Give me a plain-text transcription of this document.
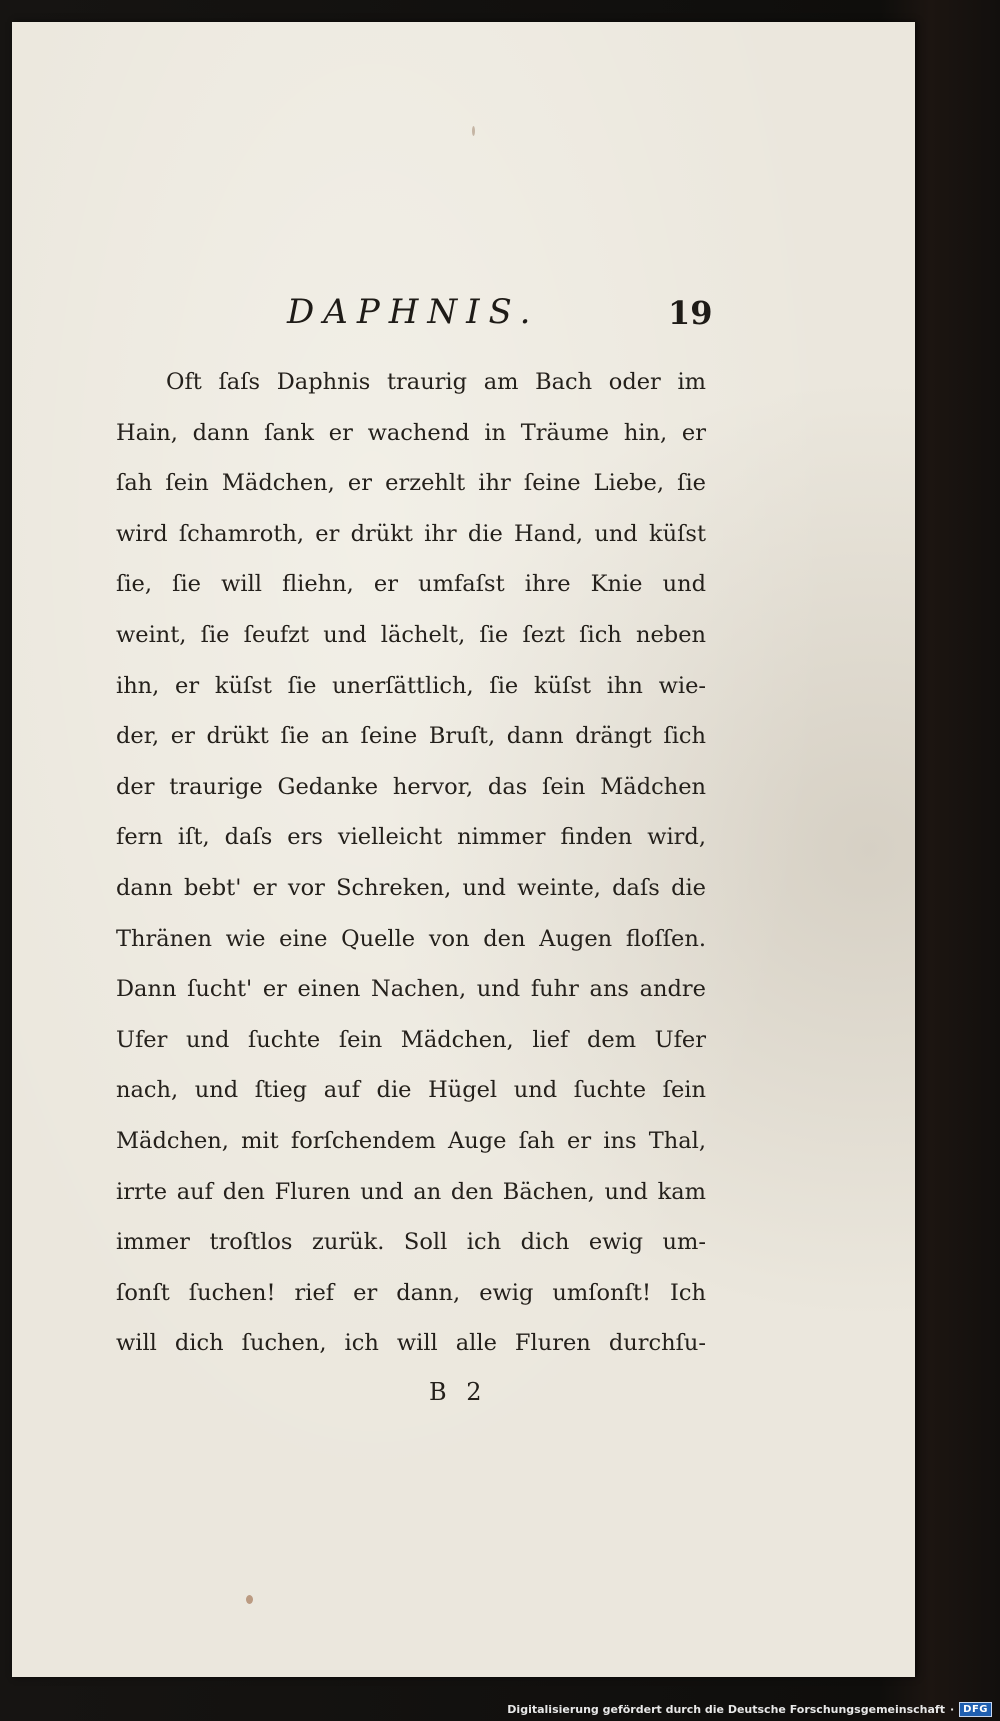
DAPHNIS.	19
Oft ſaſs Daphnis traurig am Bach oder im
Hain, dann ſank er wachend in Träume hin, er
ſah ſein Mädchen, er erzehlt ihr ſeine Liebe, ſie
wird ſchamroth, er drükt ihr die Hand, und küſst
ſie, ſie will fliehn, er umfaſst ihre Knie und
weint, ſie ſeufzt und lächelt, ſie ſezt ſich neben
ihn, er küſst ſie unerſättlich, ſie küſst ihn wie-
der, er drükt ſie an ſeine Bruſt, dann drängt ſich
der traurige Gedanke hervor, das ſein Mädchen
fern iſt, daſs ers vielleicht nimmer finden wird,
dann bebt' er vor Schreken, und weinte, daſs die
Thränen wie eine Quelle von den Augen floſſen.
Dann ſucht' er einen Nachen, und fuhr ans andre
Ufer und ſuchte ſein Mädchen, lief dem Ufer
nach, und ſtieg auf die Hügel und ſuchte ſein
Mädchen, mit forſchendem Auge ſah er ins Thal,
irrte auf den Fluren und an den Bächen, und kam
immer troſtlos zurük. Soll ich dich ewig um-
ſonſt ſuchen! rief er dann, ewig umſonſt! Ich
will dich ſuchen, ich will alle Fluren durchſu-
B 2
Digitalisierung gefördert durch die Deutsche Forschungsgemeinschaft · DFG
